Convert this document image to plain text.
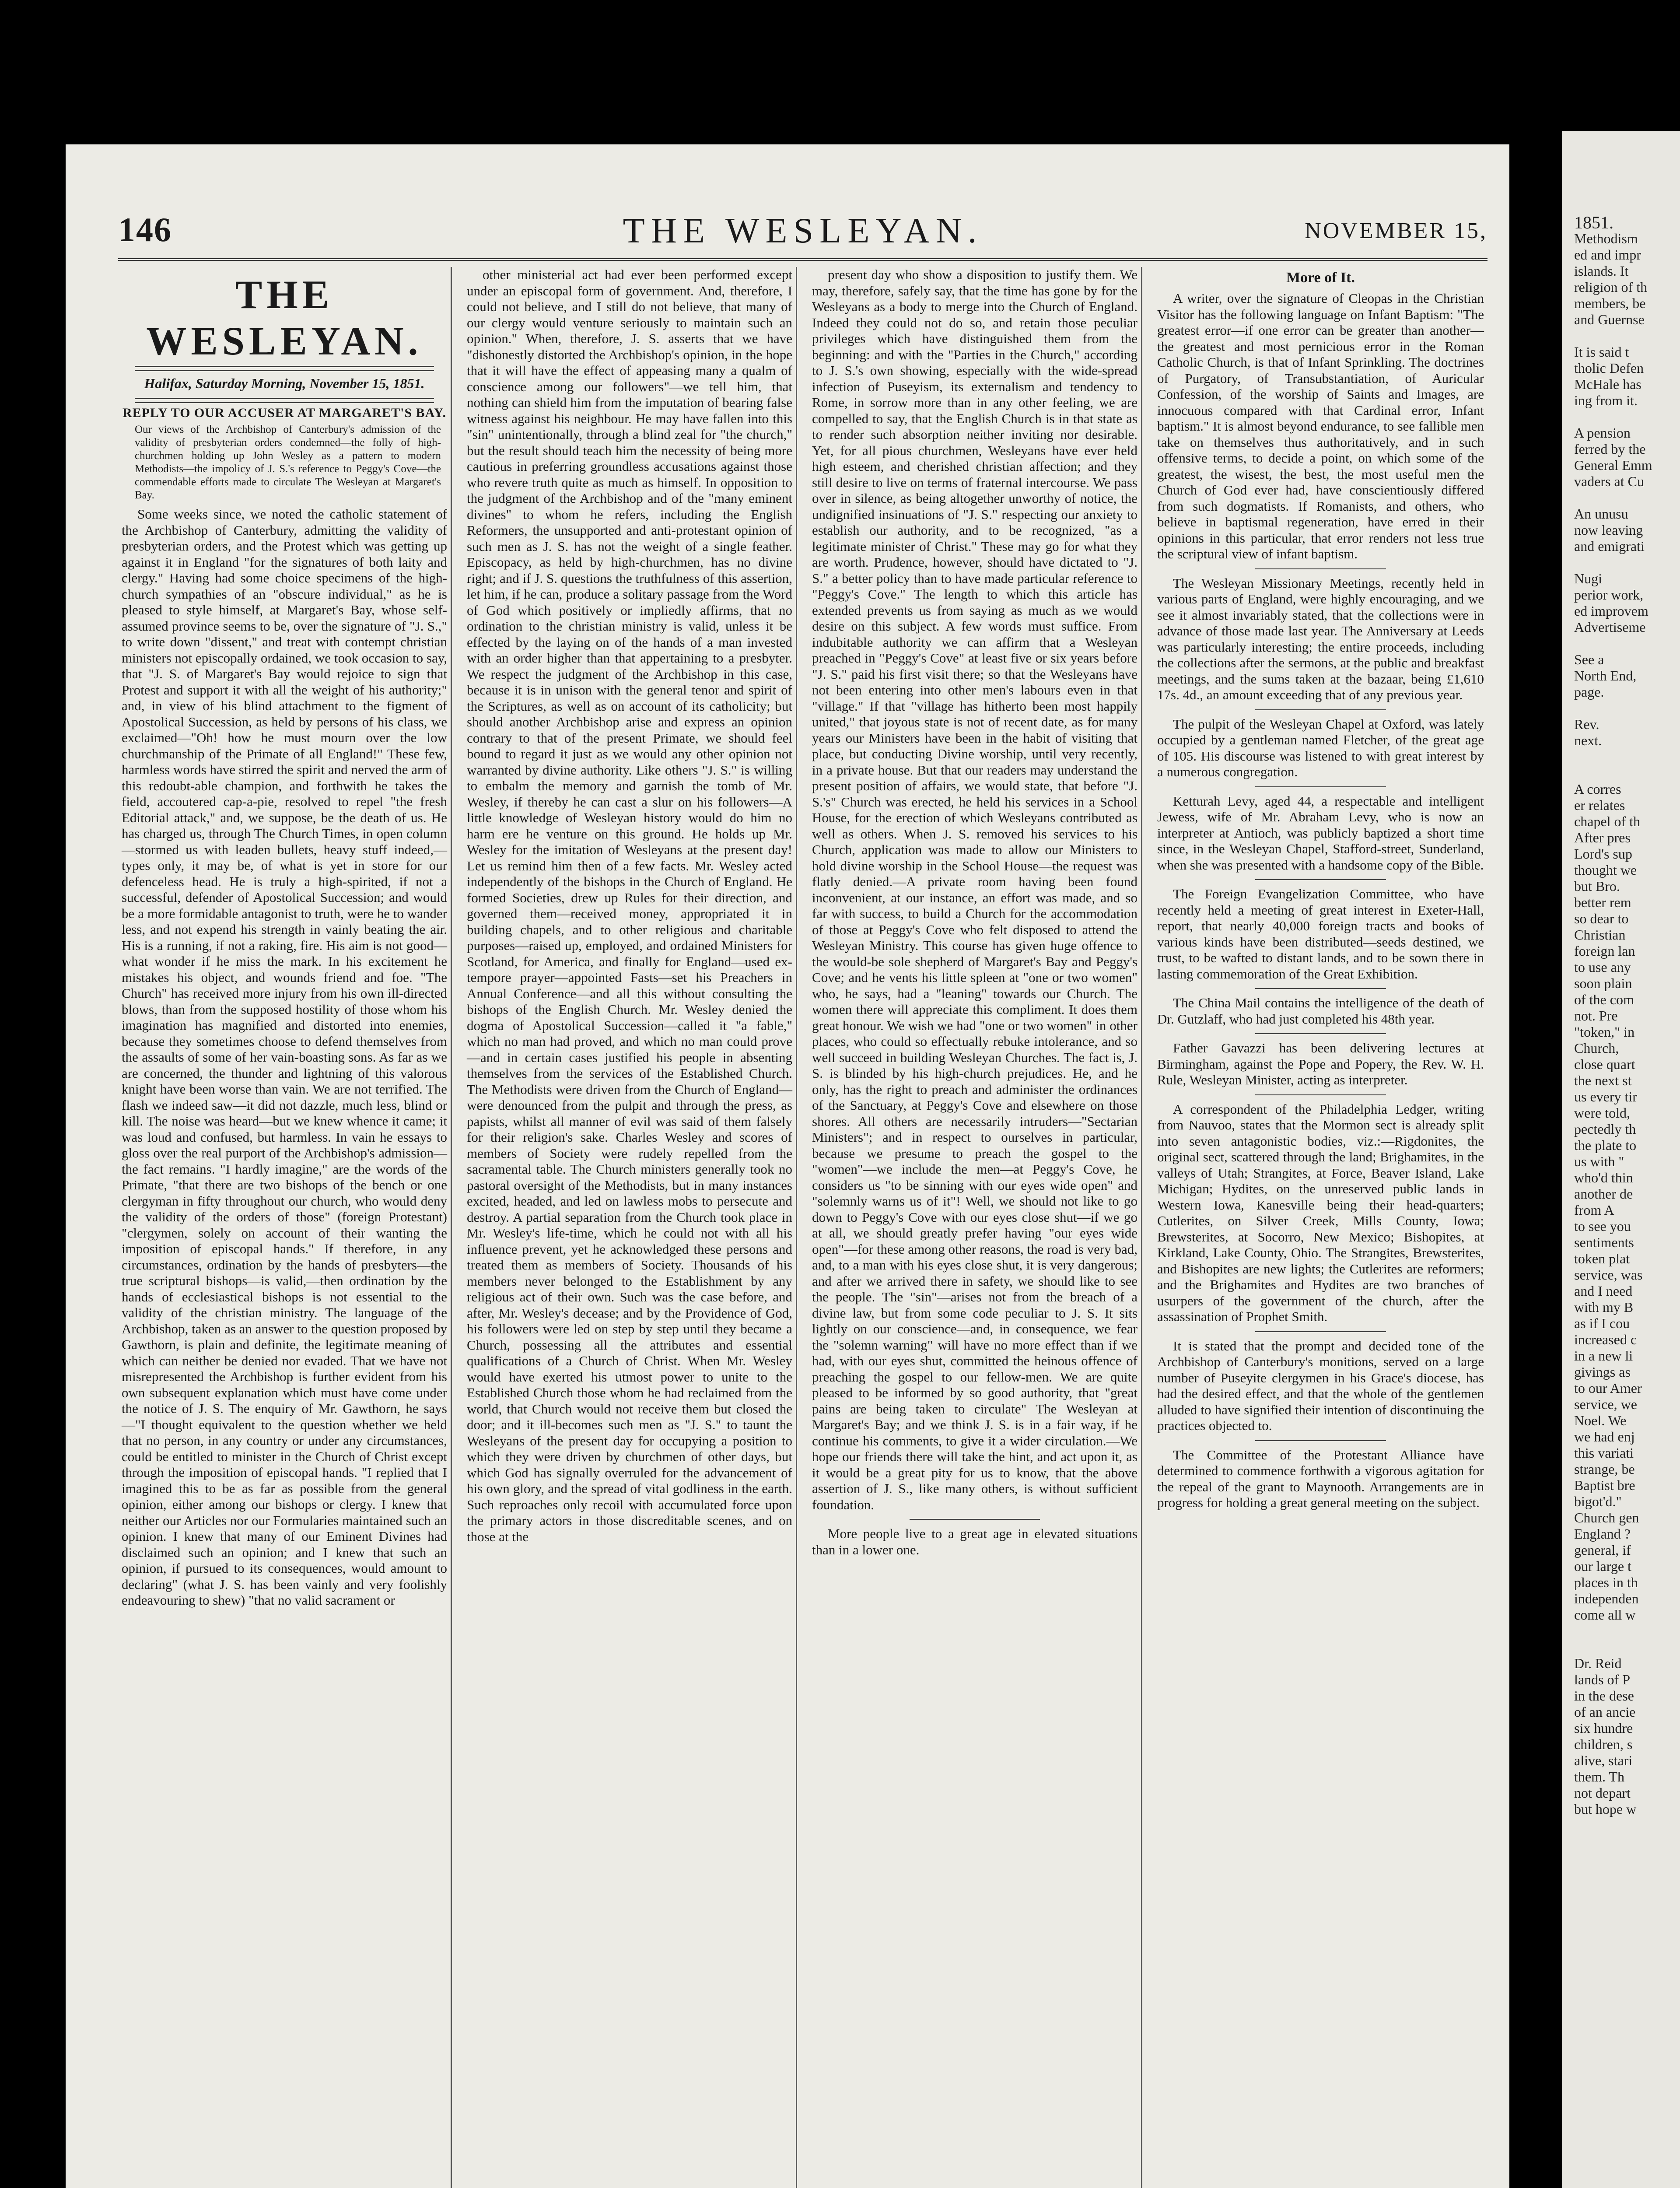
146	THE WESLEYAN.	NOVEMBER 15,
THE WESLEYAN.
Halifax, Saturday Morning, November 15, 1851.
REPLY TO OUR ACCUSER AT MARGARET'S BAY.
Our views of the Archbishop of Canterbury's admission of the validity of presbyterian orders condemned—the folly of high-churchmen holding up John Wesley as a pattern to modern Methodists—the impolicy of J. S.'s reference to Peggy's Cove—the commendable efforts made to circulate The Wesleyan at Margaret's Bay.

Some weeks since, we noted the catholic statement of the Archbishop of Canterbury, admitting the validity of presbyterian orders, and the Protest which was getting up against it in England "for the signatures of both laity and clergy." Having had some choice specimens of the high-church sympathies of an "obscure individual," as he is pleased to style himself, at Margaret's Bay, whose self-assumed province seems to be, over the signature of "J. S.," to write down "dissent," and treat with contempt christian ministers not episcopally ordained, we took occasion to say, that "J. S. of Margaret's Bay would rejoice to sign that Protest and support it with all the weight of his authority;" and, in view of his blind attachment to the figment of Apostolical Succession, as held by persons of his class, we exclaimed—"Oh! how he must mourn over the low churchmanship of the Primate of all England!" These few, harmless words have stirred the spirit and nerved the arm of this redoubt-able champion, and forthwith he takes the field, accoutered cap-a-pie, resolved to repel "the fresh Editorial attack," and, we suppose, be the death of us. He has charged us, through The Church Times, in open column—stormed us with leaden bullets, heavy stuff indeed,—types only, it may be, of what is yet in store for our defenceless head. He is truly a high-spirited, if not a successful, defender of Apostolical Succession; and would be a more formidable antagonist to truth, were he to wander less, and not expend his strength in vainly beating the air. His is a running, if not a raking, fire. His aim is not good—what wonder if he miss the mark. In his excitement he mistakes his object, and wounds friend and foe. "The Church" has received more injury from his own ill-directed blows, than from the supposed hostility of those whom his imagination has magnified and distorted into enemies, because they sometimes choose to defend themselves from the assaults of some of her vain-boasting sons. As far as we are concerned, the thunder and lightning of this valorous knight have been worse than vain. We are not terrified. The flash we indeed saw—it did not dazzle, much less, blind or kill. The noise was heard—but we knew whence it came; it was loud and confused, but harmless. In vain he essays to gloss over the real purport of the Archbishop's admission—the fact remains. "I hardly imagine," are the words of the Primate, "that there are two bishops of the bench or one clergyman in fifty throughout our church, who would deny the validity of the orders of those" (foreign Protestant) "clergymen, solely on account of their wanting the imposition of episcopal hands." If therefore, in any circumstances, ordination by the hands of presbyters—the true scriptural bishops—is valid,—then ordination by the hands of ecclesiastical bishops is not essential to the validity of the christian ministry. The language of the Archbishop, taken as an answer to the question proposed by Gawthorn, is plain and definite, the legitimate meaning of which can neither be denied nor evaded. That we have not misrepresented the Archbishop is further evident from his own subsequent explanation which must have come under the notice of J. S. The enquiry of Mr. Gawthorn, he says—"I thought equivalent to the question whether we held that no person, in any country or under any circumstances, could be entitled to minister in the Church of Christ except through the imposition of episcopal hands. "I replied that I imagined this to be as far as possible from the general opinion, either among our bishops or clergy. I knew that neither our Articles nor our Formularies maintained such an opinion. I knew that many of our Eminent Divines had disclaimed such an opinion; and I knew that such an opinion, if pursued to its consequences, would amount to declaring" (what J. S. has been vainly and very foolishly endeavouring to shew) "that no valid sacrament or

other ministerial act had ever been performed except under an episcopal form of government. And, therefore, I could not believe, and I still do not believe, that many of our clergy would venture seriously to maintain such an opinion." When, therefore, J. S. asserts that we have "dishonestly distorted the Archbishop's opinion, in the hope that it will have the effect of appeasing many a qualm of conscience among our followers"—we tell him, that nothing can shield him from the imputation of bearing false witness against his neighbour. He may have fallen into this "sin" unintentionally, through a blind zeal for "the church," but the result should teach him the necessity of being more cautious in preferring groundless accusations against those who revere truth quite as much as himself. In opposition to the judgment of the Archbishop and of the "many eminent divines" to whom he refers, including the English Reformers, the unsupported and anti-protestant opinion of such men as J. S. has not the weight of a single feather. Episcopacy, as held by high-churchmen, has no divine right; and if J. S. questions the truthfulness of this assertion, let him, if he can, produce a solitary passage from the Word of God which positively or impliedly affirms, that no ordination to the christian ministry is valid, unless it be effected by the laying on of the hands of a man invested with an order higher than that appertaining to a presbyter. We respect the judgment of the Archbishop in this case, because it is in unison with the general tenor and spirit of the Scriptures, as well as on account of its catholicity; but should another Archbishop arise and express an opinion contrary to that of the present Primate, we should feel bound to regard it just as we would any other opinion not warranted by divine authority. Like others "J. S." is willing to embalm the memory and garnish the tomb of Mr. Wesley, if thereby he can cast a slur on his followers—A little knowledge of Wesleyan history would do him no harm ere he venture on this ground. He holds up Mr. Wesley for the imitation of Wesleyans at the present day! Let us remind him then of a few facts. Mr. Wesley acted independently of the bishops in the Church of England. He formed Societies, drew up Rules for their direction, and governed them—received money, appropriated it in building chapels, and to other religious and charitable purposes—raised up, employed, and ordained Ministers for Scotland, for America, and finally for England—used ex-tempore prayer—appointed Fasts—set his Preachers in Annual Conference—and all this without consulting the bishops of the English Church. Mr. Wesley denied the dogma of Apostolical Succession—called it "a fable," which no man had proved, and which no man could prove—and in certain cases justified his people in absenting themselves from the services of the Established Church. The Methodists were driven from the Church of England—were denounced from the pulpit and through the press, as papists, whilst all manner of evil was said of them falsely for their religion's sake. Charles Wesley and scores of members of Society were rudely repelled from the sacramental table. The Church ministers generally took no pastoral oversight of the Methodists, but in many instances excited, headed, and led on lawless mobs to persecute and destroy. A partial separation from the Church took place in Mr. Wesley's life-time, which he could not with all his influence prevent, yet he acknowledged these persons and treated them as members of Society. Thousands of his members never belonged to the Establishment by any religious act of their own. Such was the case before, and after, Mr. Wesley's decease; and by the Providence of God, his followers were led on step by step until they became a Church, possessing all the attributes and essential qualifications of a Church of Christ. When Mr. Wesley would have exerted his utmost power to unite to the Established Church those whom he had reclaimed from the world, that Church would not receive them but closed the door; and it ill-becomes such men as "J. S." to taunt the Wesleyans of the present day for occupying a position to which they were driven by churchmen of other days, but which God has signally overruled for the advancement of his own glory, and the spread of vital godliness in the earth. Such reproaches only recoil with accumulated force upon the primary actors in those discreditable scenes, and on those at the

present day who show a disposition to justify them. We may, therefore, safely say, that the time has gone by for the Wesleyans as a body to merge into the Church of England. Indeed they could not do so, and retain those peculiar privileges which have distinguished them from the beginning: and with the "Parties in the Church," according to J. S.'s own showing, especially with the wide-spread infection of Puseyism, its externalism and tendency to Rome, in sorrow more than in any other feeling, we are compelled to say, that the English Church is in that state as to render such absorption neither inviting nor desirable. Yet, for all pious churchmen, Wesleyans have ever held high esteem, and cherished christian affection; and they still desire to live on terms of fraternal intercourse. We pass over in silence, as being altogether unworthy of notice, the undignified insinuations of "J. S." respecting our anxiety to establish our authority, and to be recognized, "as a legitimate minister of Christ." These may go for what they are worth. Prudence, however, should have dictated to "J. S." a better policy than to have made particular reference to "Peggy's Cove." The length to which this article has extended prevents us from saying as much as we would desire on this subject. A few words must suffice. From indubitable authority we can affirm that a Wesleyan preached in "Peggy's Cove" at least five or six years before "J. S." paid his first visit there; so that the Wesleyans have not been entering into other men's labours even in that "village." If that "village has hitherto been most happily united," that joyous state is not of recent date, as for many years our Ministers have been in the habit of visiting that place, but conducting Divine worship, until very recently, in a private house. But that our readers may understand the present position of affairs, we would state, that before "J. S.'s" Church was erected, he held his services in a School House, for the erection of which Wesleyans contributed as well as others. When J. S. removed his services to his Church, application was made to allow our Ministers to hold divine worship in the School House—the request was flatly denied.—A private room having been found inconvenient, at our instance, an effort was made, and so far with success, to build a Church for the accommodation of those at Peggy's Cove who felt disposed to attend the Wesleyan Ministry. This course has given huge offence to the would-be sole shepherd of Margaret's Bay and Peggy's Cove; and he vents his little spleen at "one or two women" who, he says, had a "leaning" towards our Church. The women there will appreciate this compliment. It does them great honour. We wish we had "one or two women" in other places, who could so effectually rebuke intolerance, and so well succeed in building Wesleyan Churches. The fact is, J. S. is blinded by his high-church prejudices. He, and he only, has the right to preach and administer the ordinances of the Sanctuary, at Peggy's Cove and elsewhere on those shores. All others are necessarily intruders—"Sectarian Ministers"; and in respect to ourselves in particular, because we presume to preach the gospel to the "women"—we include the men—at Peggy's Cove, he considers us "to be sinning with our eyes wide open" and "solemnly warns us of it"! Well, we should not like to go down to Peggy's Cove with our eyes close shut—if we go at all, we should greatly prefer having "our eyes wide open"—for these among other reasons, the road is very bad, and, to a man with his eyes close shut, it is very dangerous; and after we arrived there in safety, we should like to see the people. The "sin"—arises not from the breach of a divine law, but from some code peculiar to J. S. It sits lightly on our conscience—and, in consequence, we fear the "solemn warning" will have no more effect than if we had, with our eyes shut, committed the heinous offence of preaching the gospel to our fellow-men. We are quite pleased to be informed by so good authority, that "great pains are being taken to circulate" The Wesleyan at Margaret's Bay; and we think J. S. is in a fair way, if he continue his comments, to give it a wider circulation.—We hope our friends there will take the hint, and act upon it, as it would be a great pity for us to know, that the above assertion of J. S., like many others, is without sufficient foundation.

More people live to a great age in elevated situations than in a lower one.

More of It.

A writer, over the signature of Cleopas in the Christian Visitor has the following language on Infant Baptism: "The greatest error—if one error can be greater than another—the greatest and most pernicious error in the Roman Catholic Church, is that of Infant Sprinkling. The doctrines of Purgatory, of Transubstantiation, of Auricular Confession, of the worship of Saints and Images, are innocuous compared with that Cardinal error, Infant baptism." It is almost beyond endurance, to see fallible men take on themselves thus authoritatively, and in such offensive terms, to decide a point, on which some of the greatest, the wisest, the best, the most useful men the Church of God ever had, have conscientiously differed from such dogmatists. If Romanists, and others, who believe in baptismal regeneration, have erred in their opinions in this particular, that error renders not less true the scriptural view of infant baptism.

The Wesleyan Missionary Meetings, recently held in various parts of England, were highly encouraging, and we see it almost invariably stated, that the collections were in advance of those made last year. The Anniversary at Leeds was particularly interesting; the entire proceeds, including the collections after the sermons, at the public and breakfast meetings, and the sums taken at the bazaar, being £1,610 17s. 4d., an amount exceeding that of any previous year.

The pulpit of the Wesleyan Chapel at Oxford, was lately occupied by a gentleman named Fletcher, of the great age of 105. His discourse was listened to with great interest by a numerous congregation.

Ketturah Levy, aged 44, a respectable and intelligent Jewess, wife of Mr. Abraham Levy, who is now an interpreter at Antioch, was publicly baptized a short time since, in the Wesleyan Chapel, Stafford-street, Sunderland, when she was presented with a handsome copy of the Bible.

The Foreign Evangelization Committee, who have recently held a meeting of great interest in Exeter-Hall, report, that nearly 40,000 foreign tracts and books of various kinds have been distributed—seeds destined, we trust, to be wafted to distant lands, and to be sown there in lasting commemoration of the Great Exhibition.

The China Mail contains the intelligence of the death of Dr. Gutzlaff, who had just completed his 48th year.

Father Gavazzi has been delivering lectures at Birmingham, against the Pope and Popery, the Rev. W. H. Rule, Wesleyan Minister, acting as interpreter.

A correspondent of the Philadelphia Ledger, writing from Nauvoo, states that the Mormon sect is already split into seven antagonistic bodies, viz.:—Rigdonites, the original sect, scattered through the land; Brighamites, in the valleys of Utah; Strangites, at Force, Beaver Island, Lake Michigan; Hydites, on the unreserved public lands in Western Iowa, Kanesville being their head-quarters; Cutlerites, on Silver Creek, Mills County, Iowa; Brewsterites, at Socorro, New Mexico; Bishopites, at Kirkland, Lake County, Ohio. The Strangites, Brewsterites, and Bishopites are new lights; the Cutlerites are reformers; and the Brighamites and Hydites are two branches of usurpers of the government of the church, after the assassination of Prophet Smith.

It is stated that the prompt and decided tone of the Archbishop of Canterbury's monitions, served on a large number of Puseyite clergymen in his Grace's diocese, has had the desired effect, and that the whole of the gentlemen alluded to have signified their intention of discontinuing the practices objected to.

The Committee of the Protestant Alliance have determined to commence forthwith a vigorous agitation for the repeal of the grant to Maynooth. Arrangements are in progress for holding a great general meeting on the subject.

1851.
Methodism
ed and impr
islands. It
religion of th
members, be
and Guernse

It is said t
tholic Defen
McHale has
ing from it.

A pension
ferred by the
General Emm
vaders at Cu

An unusu
now leaving
and emigrati

Nugi
perior work,
ed improvem
Advertiseme

See a
North End,
page.

Rev.
next.

A corres
er relates
chapel of th
After pres
Lord's sup
thought we
but Bro.
better rem
so dear to
Christian
foreign lan
to use any
soon plain
of the com
not. Pre
"token," in
Church,
close quart
the next st
us every tir
were told,
pectedly th
the plate to
us with "
who'd thin
another de
from A
to see you
sentiments
token plat
service, was
and I need
with my B
as if I cou
increased c
in a new li
givings as
to our Amer
service, we
Noel. We
we had enj
this variati
strange, be
Baptist bre
bigot'd."
Church gen
England ?
general, if
our large t
places in th
independen
come all w

Dr. Reid
lands of P
in the dese
of an ancie
six hundre
children, s
alive, stari
them. Th
not depart
but hope w
